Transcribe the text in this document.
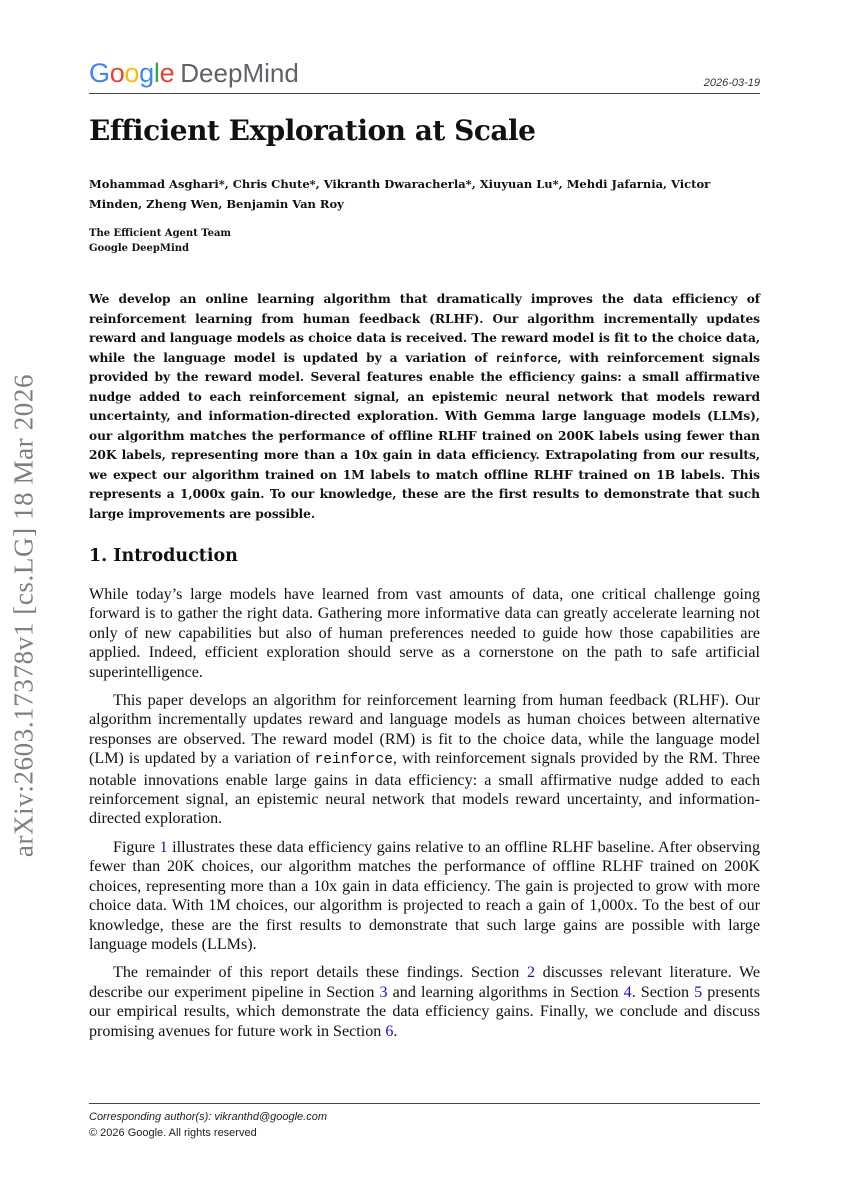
Google DeepMind	2026-03-19
arXiv:2603.17378v1 [cs.LG] 18 Mar 2026
Efficient Exploration at Scale
Mohammad Asghari*, Chris Chute*, Vikranth Dwaracherla*, Xiuyuan Lu*, Mehdi Jafarnia, Victor Minden, Zheng Wen, Benjamin Van Roy
The Efficient Agent Team
Google DeepMind
We develop an online learning algorithm that dramatically improves the data efficiency of reinforcement learning from human feedback (RLHF). Our algorithm incrementally updates reward and language models as choice data is received. The reward model is fit to the choice data, while the language model is updated by a variation of reinforce, with reinforcement signals provided by the reward model. Several features enable the efficiency gains: a small affirmative nudge added to each reinforcement signal, an epistemic neural network that models reward uncertainty, and information-directed exploration. With Gemma large language models (LLMs), our algorithm matches the performance of offline RLHF trained on 200K labels using fewer than 20K labels, representing more than a 10x gain in data efficiency. Extrapolating from our results, we expect our algorithm trained on 1M labels to match offline RLHF trained on 1B labels. This represents a 1,000x gain. To our knowledge, these are the first results to demonstrate that such large improvements are possible.
1. Introduction

While today’s large models have learned from vast amounts of data, one critical challenge going forward is to gather the right data. Gathering more informative data can greatly accelerate learning not only of new capabilities but also of human preferences needed to guide how those capabilities are applied. Indeed, efficient exploration should serve as a cornerstone on the path to safe artificial superintelligence.

This paper develops an algorithm for reinforcement learning from human feedback (RLHF). Our algorithm incrementally updates reward and language models as human choices between alternative responses are observed. The reward model (RM) is fit to the choice data, while the language model (LM) is updated by a variation of reinforce, with reinforcement signals provided by the RM. Three notable innovations enable large gains in data efficiency: a small affirmative nudge added to each reinforcement signal, an epistemic neural network that models reward uncertainty, and information-directed exploration.

Figure 1 illustrates these data efficiency gains relative to an offline RLHF baseline. After observing fewer than 20K choices, our algorithm matches the performance of offline RLHF trained on 200K choices, representing more than a 10x gain in data efficiency. The gain is projected to grow with more choice data. With 1M choices, our algorithm is projected to reach a gain of 1,000x. To the best of our knowledge, these are the first results to demonstrate that such large gains are possible with large language models (LLMs).

The remainder of this report details these findings. Section 2 discusses relevant literature. We describe our experiment pipeline in Section 3 and learning algorithms in Section 4. Section 5 presents our empirical results, which demonstrate the data efficiency gains. Finally, we conclude and discuss promising avenues for future work in Section 6.

Corresponding author(s): vikranthd@google.com
© 2026 Google. All rights reserved
